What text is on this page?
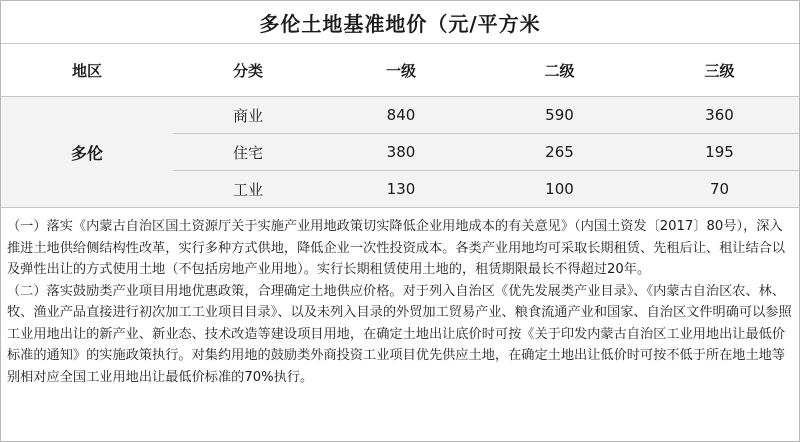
多伦土地基准地价（元/平方米
地区	分类	一级	二级	三级
多伦	商业	840	590	360
	住宅	380	265	195
	工业	130	100	70

（一）落实《内蒙古自治区国土资源厅关于实施产业用地政策切实降低企业用地成本的有关意见》（内国土资发〔2017〕80号），深入推进土地供给侧结构性改革，实行多种方式供地，降低企业一次性投资成本。各类产业用地均可采取长期租赁、先租后让、租让结合以及弹性出让的方式使用土地（不包括房地产业用地）。实行长期租赁使用土地的，租赁期限最长不得超过20年。

（二）落实鼓励类产业项目用地优惠政策，合理确定土地供应价格。对于列入自治区《优先发展类产业目录》、《内蒙古自治区农、林、牧、渔业产品直接进行初次加工工业项目目录》、以及未列入目录的外贸加工贸易产业、粮食流通产业和国家、自治区文件明确可以参照工业用地出让的新产业、新业态、技术改造等建设项目用地，在确定土地出让底价时可按《关于印发内蒙古自治区工业用地出让最低价标准的通知》的实施政策执行。对集约用地的鼓励类外商投资工业项目优先供应土地，在确定土地出让低价时可按不低于所在地土地等别相对应全国工业用地出让最低价标准的70%执行。
